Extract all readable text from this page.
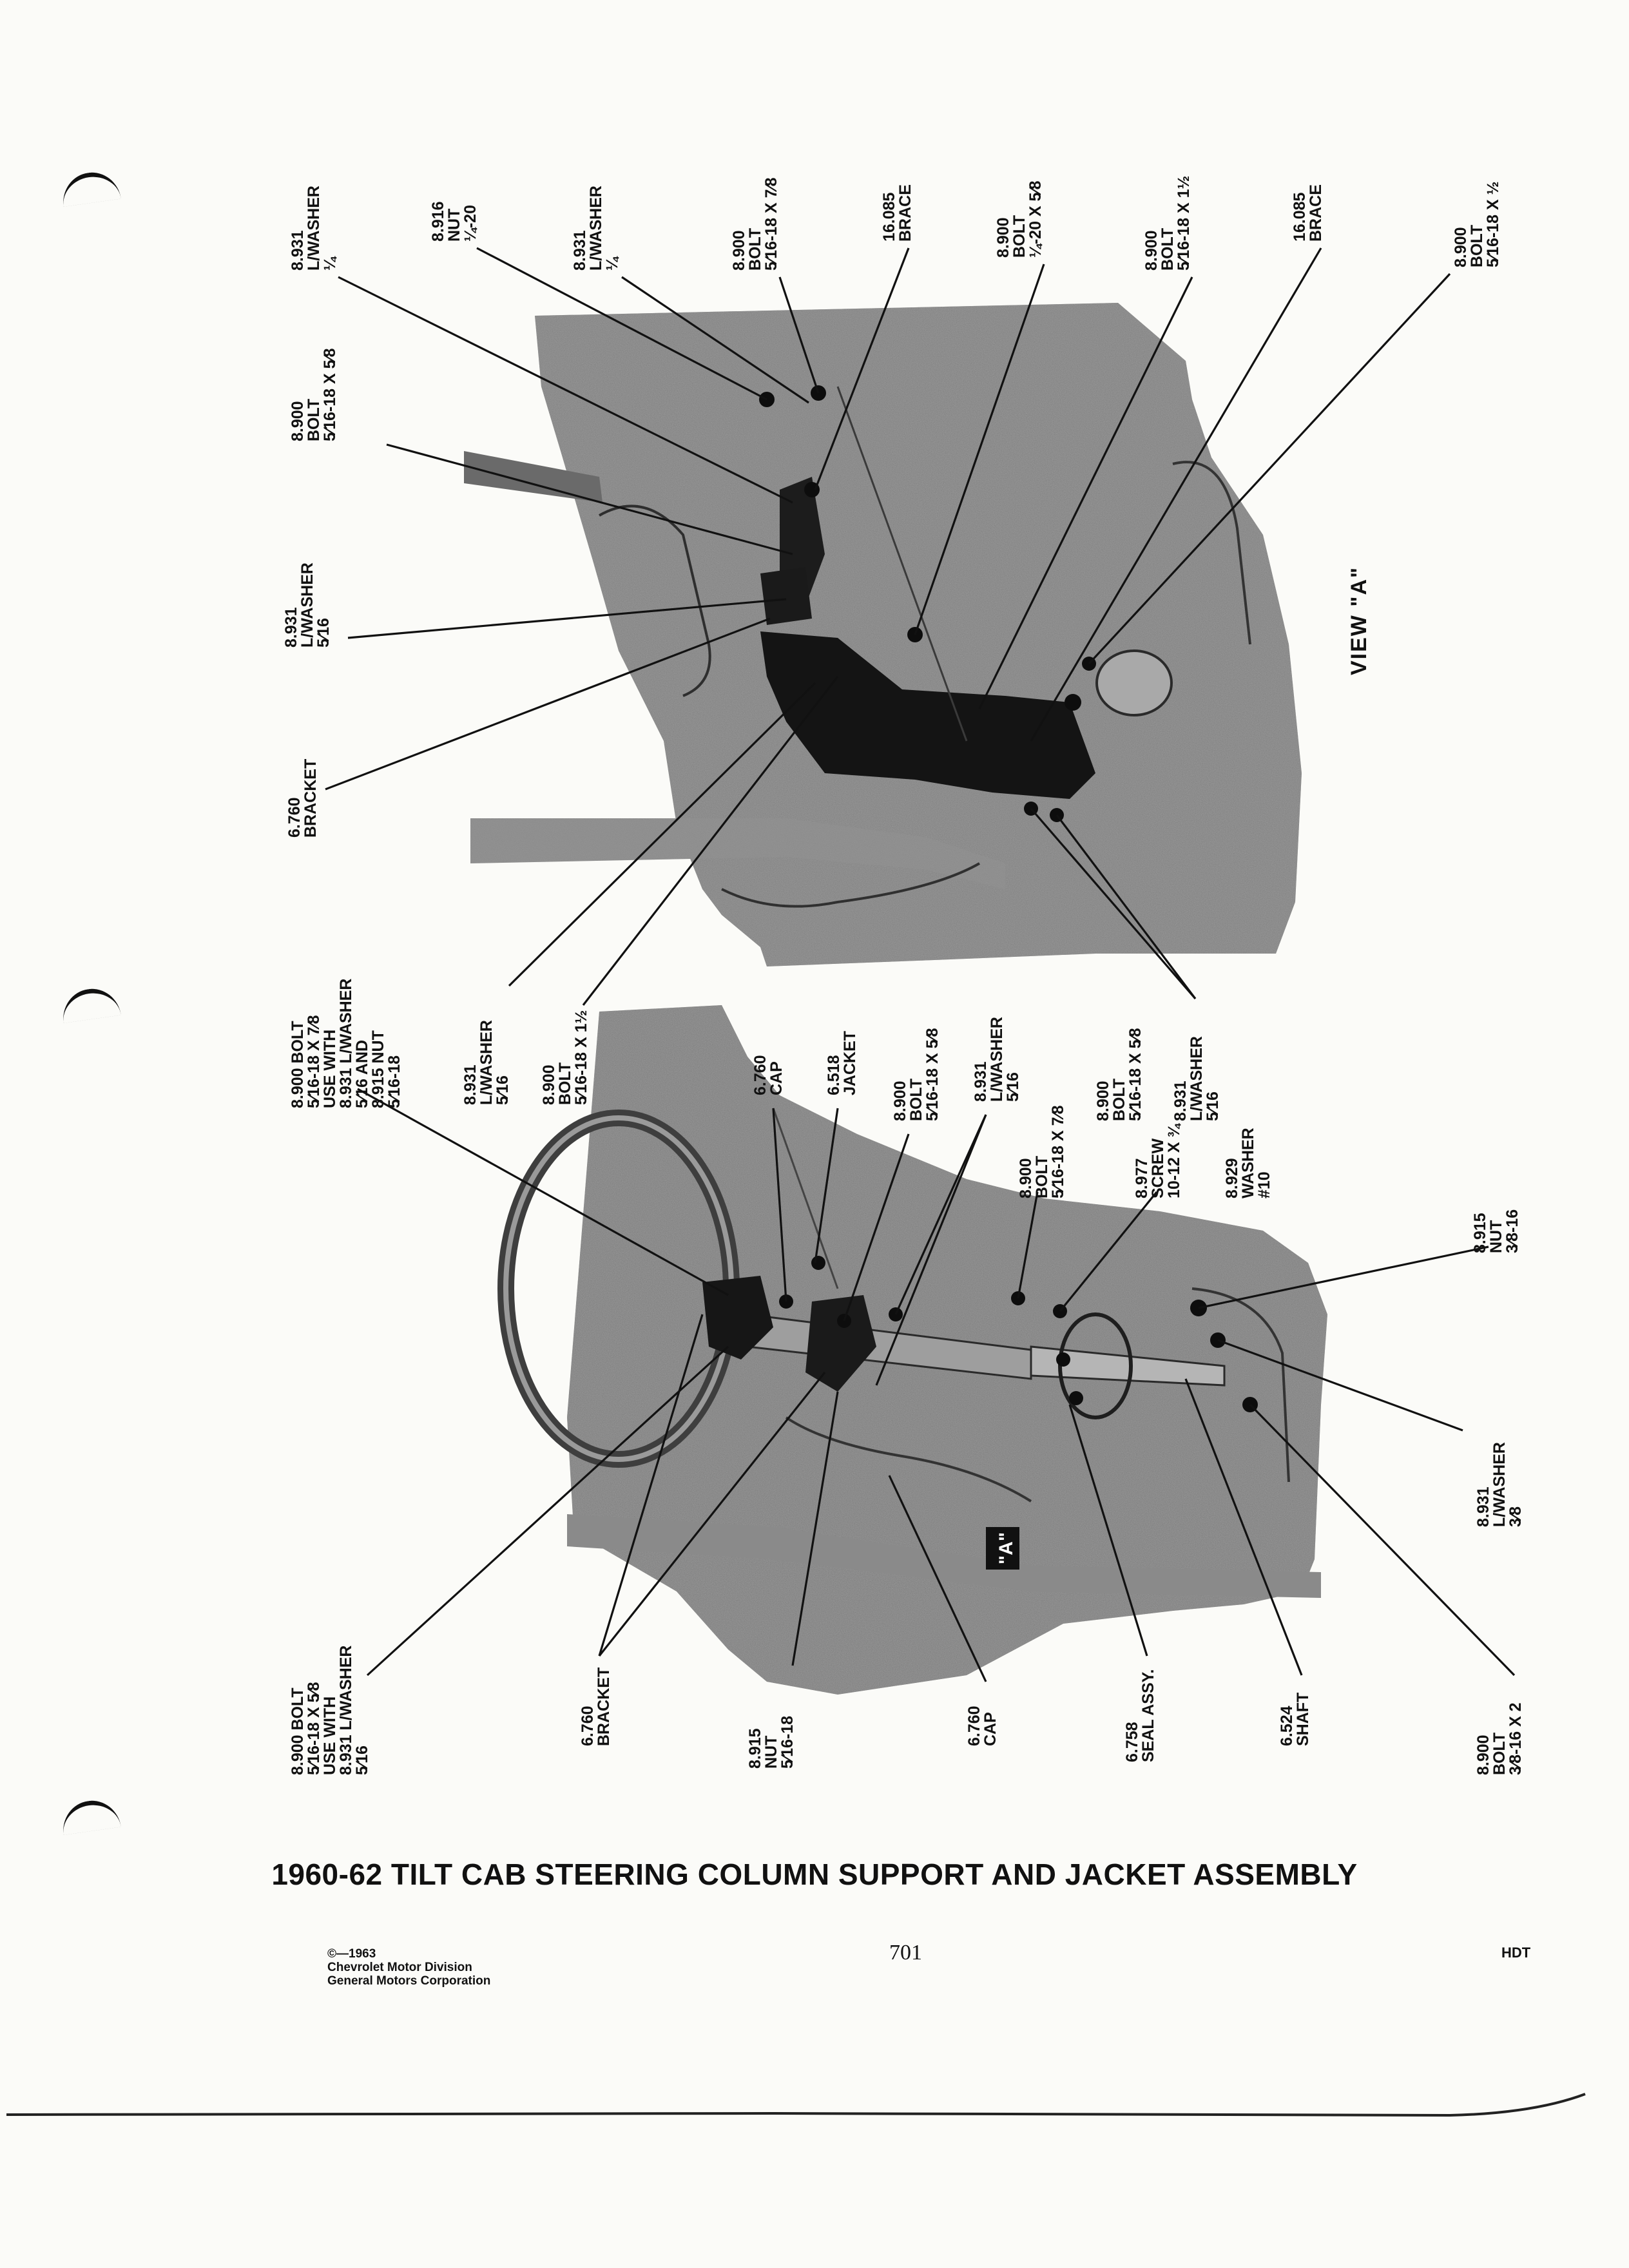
"A"
8.931
L/WASHER
¼
8.916
NUT
¼-20
8.931
L/WASHER
¼	8.900
BOLT
5⁄16-18 X 7⁄8	16.085
BRACE	8.900
BOLT
¼-20 X 5⁄8	8.900
BOLT
5⁄16-18 X 1½	16.085
BRACE
8.900
BOLT
5⁄16-18 X ½
8.900
BOLT
5⁄16-18 X 5⁄8
8.931
L/WASHER
5⁄16
6.760
BRACKET
VIEW "A"
8.900 BOLT
5⁄16-18 X 7⁄8
USE WITH
8.931 L/WASHER
5⁄16 AND
8.915 NUT
5⁄16-18	8.931
L/WASHER
5⁄16 8.900
BOLT
5⁄16-18 X 1½	6.760
CAP 6.518
JACKET
8.900
BOLT
5⁄16-18 X 5⁄8 8.931
L/WASHER
5⁄16	8.900
BOLT
5⁄16-18 X 5⁄8 8.931
L/WASHER
5⁄16
8.900
BOLT
5⁄16-18 X 7⁄8	8.977
SCREW
10-12 X ¾ 8.929
WASHER
#10
8.915
NUT
3⁄8-16
8.900 BOLT
5⁄16-18 X 5⁄8
USE WITH
8.931 L/WASHER
5⁄16
6.760
BRACKET
8.915
NUT
5⁄16-18	6.760
CAP	6.758
SEAL ASSY.	6.524
SHAFT
8.931
L/WASHER
3⁄8
8.900
BOLT
3⁄8-16 X 2
1960-62 TILT CAB STEERING COLUMN SUPPORT AND JACKET ASSEMBLY
©—1963
Chevrolet Motor Division
General Motors Corporation
701	HDT
